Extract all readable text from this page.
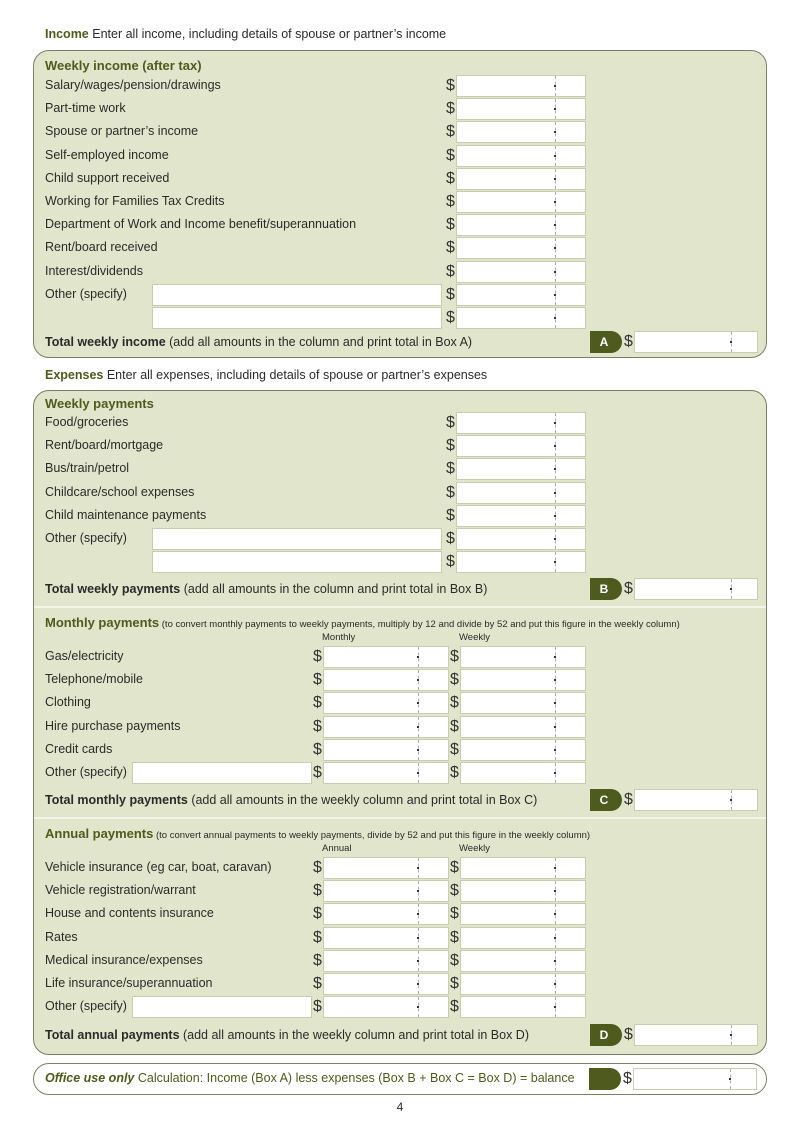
Income Enter all income, including details of spouse or partner’s income
Weekly income (after tax)
Salary/wages/pension/drawings	$
Part-time work	$
Spouse or partner’s income	$
Self-employed income	$
Child support received	$
Working for Families Tax Credits	$
Department of Work and Income benefit/superannuation	$
Rent/board received	$
Interest/dividends	$
Other (specify)	$
$
Total weekly income (add all amounts in the column and print total in Box A)	A $
Expenses Enter all expenses, including details of spouse or partner’s expenses
Weekly payments
Food/groceries	$
Rent/board/mortgage	$
Bus/train/petrol	$
Childcare/school expenses	$
Child maintenance payments	$
Other (specify)	$
$
Total weekly payments (add all amounts in the column and print total in Box B)	B $
Monthly payments (to convert monthly payments to weekly payments, multiply by 12 and divide by 52 and put this figure in the weekly column)
Monthly	Weekly
Gas/electricity	$	$
Telephone/mobile	$	$
Clothing	$	$
Hire purchase payments	$	$
Credit cards	$	$
Other (specify)	$	$
Total monthly payments (add all amounts in the weekly column and print total in Box C)	C $
Annual payments (to convert annual payments to weekly payments, divide by 52 and put this figure in the weekly column)
Annual	Weekly
Vehicle insurance (eg car, boat, caravan)	$	$
Vehicle registration/warrant	$	$
House and contents insurance	$	$
Rates	$	$
Medical insurance/expenses	$	$
Life insurance/superannuation	$	$
Other (specify)	$	$
Total annual payments (add all amounts in the weekly column and print total in Box D)	D $
Office use only Calculation: Income (Box A) less expenses (Box B + Box C = Box D) = balance	$
4
